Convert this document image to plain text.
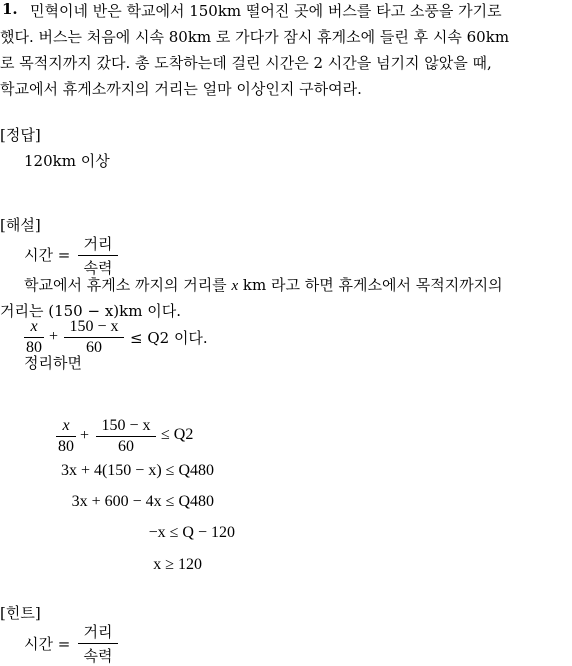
1. 민혁이네 반은 학교에서 150km 떨어진 곳에 버스를 타고 소풍을 가기로
했다. 버스는 처음에 시속 80km 로 가다가 잠시 휴게소에 들린 후 시속 60km
로 목적지까지 갔다. 총 도착하는데 걸린 시간은 2 시간을 넘기지 않았을 때,
학교에서 휴게소까지의 거리는 얼마 이상인지 구하여라.
[정답]
120km 이상
[해설]
시간 =
거리
속력
학교에서 휴게소 까지의 거리를 x km 라고 하면 휴게소에서 목적지까지의
거리는 (150 − x)km 이다.
x
80
+
150 − x
60
≤ Q2 이다.
정리하면
x
80
+
150 − x
60
≤ Q2
3x + 4(150 − x) ≤ Q480
3x + 600 − 4x ≤ Q480
−x ≤ Q − 120
x ≥ 120
[힌트]
시간 =
거리
속력
